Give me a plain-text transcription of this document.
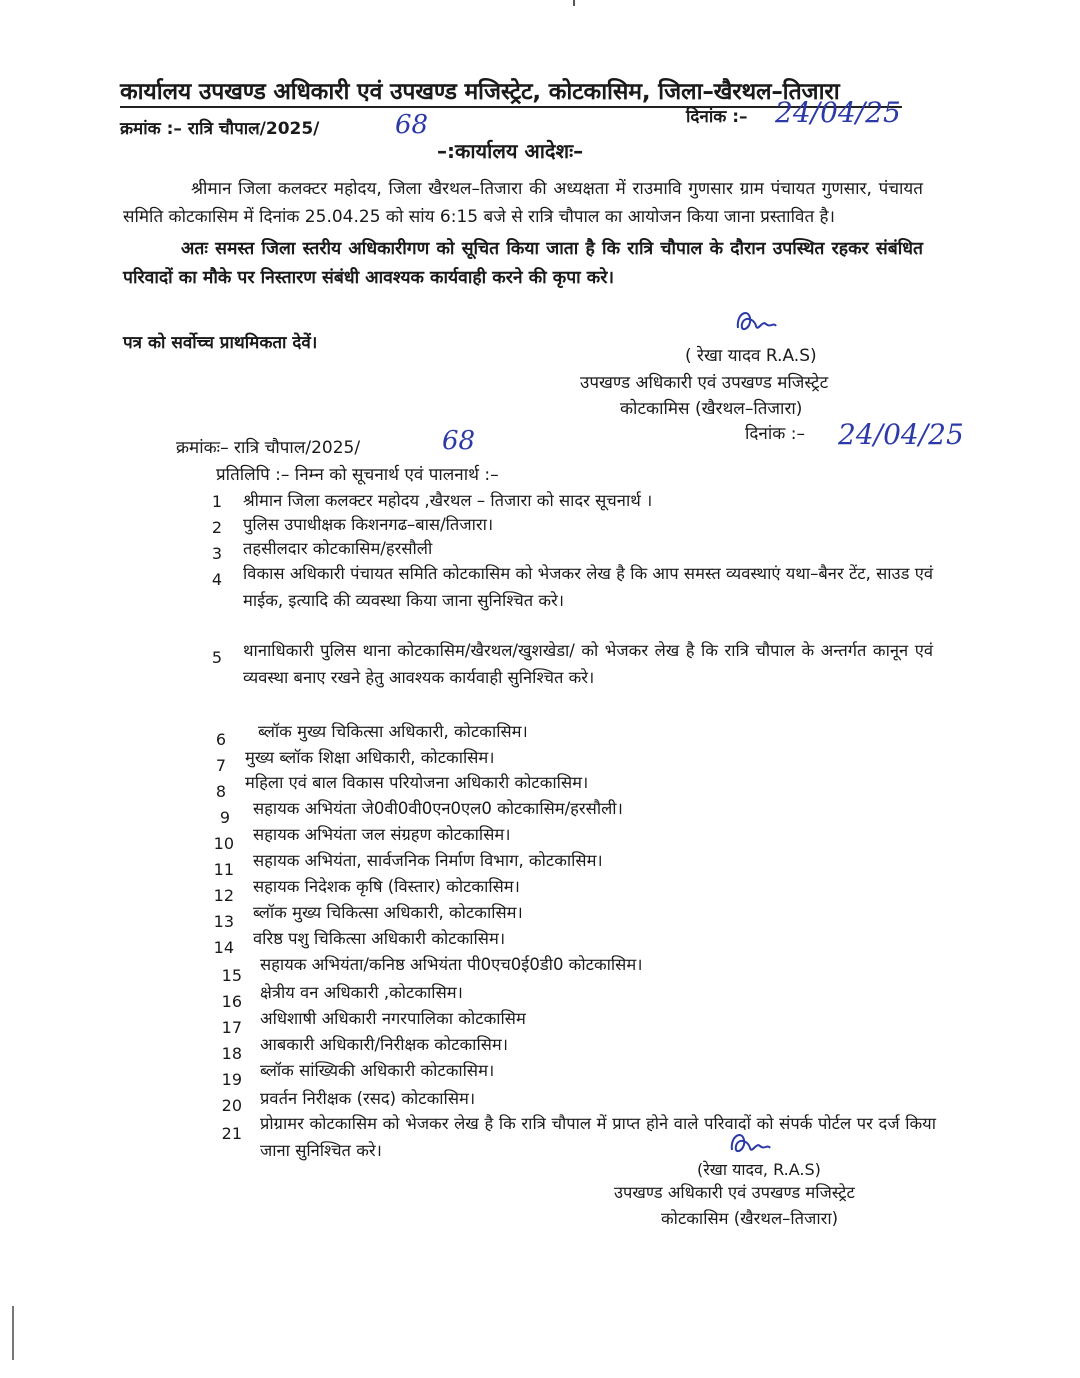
कार्यालय उपखण्ड अधिकारी एवं उपखण्ड मजिस्ट्रेट, कोटकासिम, जिला–खैरथल–तिजारा
क्रमांक :– रात्रि चौपाल/2025/	68	दिनांक :– 24/04/25
–:कार्यालय आदेशः–
श्रीमान जिला कलक्टर महोदय, जिला खैरथल–तिजारा की अध्यक्षता में राउमावि गुणसार ग्राम पंचायत गुणसार, पंचायत समिति कोटकासिम में दिनांक 25.04.25 को सांय 6:15 बजे से रात्रि चौपाल का आयोजन किया जाना प्रस्तावित है।
अतः समस्त जिला स्तरीय अधिकारीगण को सूचित किया जाता है कि रात्रि चौपाल के दौरान उपस्थित रहकर संबंधित परिवादों का मौके पर निस्तारण संबंधी आवश्यक कार्यवाही करने की कृपा करे।
पत्र को सर्वोच्च प्राथमिकता देवें।
( रेखा यादव R.A.S)
उपखण्ड अधिकारी एवं उपखण्ड मजिस्ट्रेट
कोटकामिस (खैरथल–तिजारा)
क्रमांकः– रात्रि चौपाल/2025/	68	दिनांक :– 24/04/25
प्रतिलिपि :– निम्न को सूचनार्थ एवं पालनार्थ :–
1 श्रीमान जिला कलक्टर महोदय ,खैरथल – तिजारा को सादर सूचनार्थ ।
2 पुलिस उपाधीक्षक किशनगढ–बास/तिजारा।
3 तहसीलदार कोटकासिम/हरसौली
4 विकास अधिकारी पंचायत समिति कोटकासिम को भेजकर लेख है कि आप समस्त व्यवस्थाएं यथा–बैनर टेंट, साउड एवं माईक, इत्यादि की व्यवस्था किया जाना सुनिश्चित करे।
5 थानाधिकारी पुलिस थाना कोटकासिम/खैरथल/खुशखेडा/ को भेजकर लेख है कि रात्रि चौपाल के अन्तर्गत कानून एवं व्यवस्था बनाए रखने हेतु आवश्यक कार्यवाही सुनिश्चित करे।
6 ब्लॉक मुख्य चिकित्सा अधिकारी, कोटकासिम।
7 मुख्य ब्लॉक शिक्षा अधिकारी, कोटकासिम।
8 महिला एवं बाल विकास परियोजना अधिकारी कोटकासिम।
9 सहायक अभियंता जे0वी0वी0एन0एल0 कोटकासिम/हरसौली।
10 सहायक अभियंता जल संग्रहण कोटकासिम।
11 सहायक अभियंता, सार्वजनिक निर्माण विभाग, कोटकासिम।
12 सहायक निदेशक कृषि (विस्तार) कोटकासिम।
13 ब्लॉक मुख्य चिकित्सा अधिकारी, कोटकासिम।
14 वरिष्ठ पशु चिकित्सा अधिकारी कोटकासिम।
15
सहायक अभियंता/कनिष्ठ अभियंता पी0एच0ई0डी0 कोटकासिम।
16 क्षेत्रीय वन अधिकारी ,कोटकासिम।
17 अधिशाषी अधिकारी नगरपालिका कोटकासिम
18 आबकारी अधिकारी/निरीक्षक कोटकासिम।
19 ब्लॉक सांख्यिकी अधिकारी कोटकासिम।
20 प्रवर्तन निरीक्षक (रसद) कोटकासिम।
21
प्रोग्रामर कोटकासिम को भेजकर लेख है कि रात्रि चौपाल में प्राप्त होने वाले परिवादों को संपर्क पोर्टल पर दर्ज किया जाना सुनिश्चित करे।
(रेखा यादव, R.A.S)
उपखण्ड अधिकारी एवं उपखण्ड मजिस्ट्रेट
कोटकासिम (खैरथल–तिजारा)
